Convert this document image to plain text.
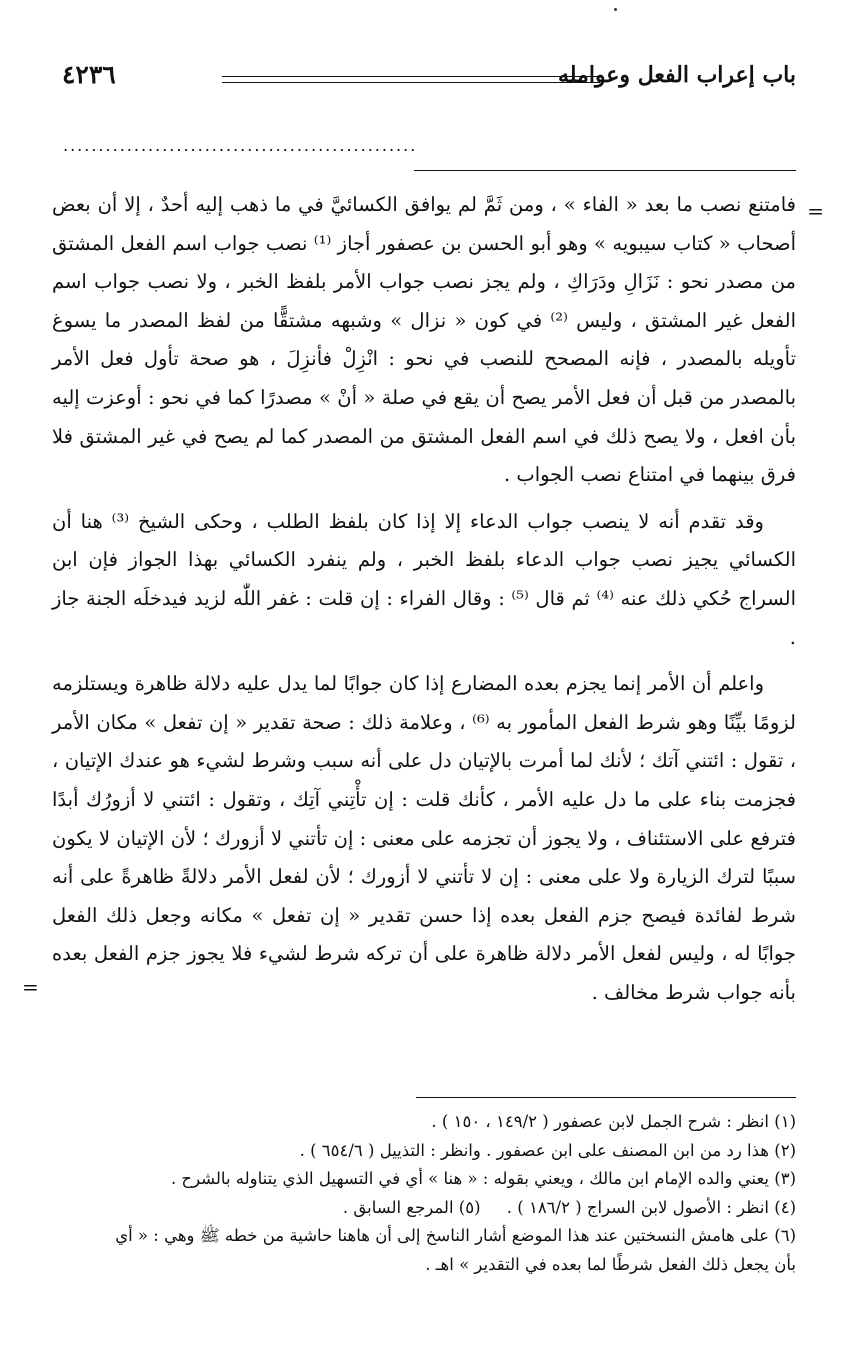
باب إعراب الفعل وعوامله
٤٢٣٦
..................................................
=

فامتنع نصب ما بعد « الفاء » ، ومن ثَمَّ لم يوافق الكسائيَّ في ما ذهب إليه أحدٌ ، إلا أن بعض أصحاب « كتاب سيبويه » وهو أبو الحسن بن عصفور أجاز ⁽¹⁾ نصب جواب اسم الفعل المشتق من مصدر نحو : نَزَالِ ودَرَاكِ ، ولم يجز نصب جواب الأمر بلفظ الخبر ، ولا نصب جواب اسم الفعل غير المشتق ، وليس ⁽²⁾ في كون « نزال » وشبهه مشتقًّا من لفظ المصدر ما يسوغ تأويله بالمصدر ، فإنه المصحح للنصب في نحو : انْزِلْ فأنزِلَ ، هو صحة تأول فعل الأمر بالمصدر من قبل أن فعل الأمر يصح أن يقع في صلة « أنْ » مصدرًا كما في نحو : أوعزت إليه بأن افعل ، ولا يصح ذلك في اسم الفعل المشتق من المصدر كما لم يصح في غير المشتق فلا فرق بينهما في امتناع نصب الجواب .

وقد تقدم أنه لا ينصب جواب الدعاء إلا إذا كان بلفظ الطلب ، وحكى الشيخ ⁽³⁾ هنا أن الكسائي يجيز نصب جواب الدعاء بلفظ الخبر ، ولم ينفرد الكسائي بهذا الجواز فإن ابن السراج حُكي ذلك عنه ⁽⁴⁾ ثم قال ⁽⁵⁾ : وقال الفراء : إن قلت : غفر اللّٰه لزيد فيدخلَه الجنة جاز .

واعلم أن الأمر إنما يجزم بعده المضارع إذا كان جوابًا لما يدل عليه دلالة ظاهرة ويستلزمه لزومًا بيِّنًا وهو شرط الفعل المأمور به ⁽⁶⁾ ، وعلامة ذلك : صحة تقدير « إن تفعل » مكان الأمر ، تقول : ائتني آتك ؛ لأنك لما أمرت بالإتيان دل على أنه سبب وشرط لشيء هو عندك الإتيان ، فجزمت بناء على ما دل عليه الأمر ، كأنك قلت : إن تأْتِني آتِك ، وتقول : ائتني لا أزورُك أبدًا فترفع على الاستئناف ، ولا يجوز أن تجزمه على معنى : إن تأتني لا أزورك ؛ لأن الإتيان لا يكون سببًا لترك الزيارة ولا على معنى : إن لا تأتني لا أزورك ؛ لأن لفعل الأمر دلالةً ظاهرةً على أنه شرط لفائدة فيصح جزم الفعل بعده إذا حسن تقدير « إن تفعل » مكانه وجعل ذلك الفعل جوابًا له ، وليس لفعل الأمر دلالة ظاهرة على أن تركه شرط لشيء فلا يجوز جزم الفعل بعده بأنه جواب شرط مخالف .

=

(١) انظر : شرح الجمل لابن عصفور ( ١٤٩/٢ ، ١٥٠ ) .

(٢) هذا رد من ابن المصنف على ابن عصفور . وانظر : التذييل ( ٦٥٤/٦ ) .

(٣) يعني والده الإمام ابن مالك ، ويعني بقوله : « هنا » أي في التسهيل الذي يتناوله بالشرح .

(٤) انظر : الأصول لابن السراج ( ١٨٦/٢ ) .     (٥) المرجع السابق .

(٦) على هامش النسختين عند هذا الموضع أشار الناسخ إلى أن هاهنا حاشية من خطه ﷺ وهي : « أي

بأن يجعل ذلك الفعل شرطًا لما بعده في التقدير » اهـ .
